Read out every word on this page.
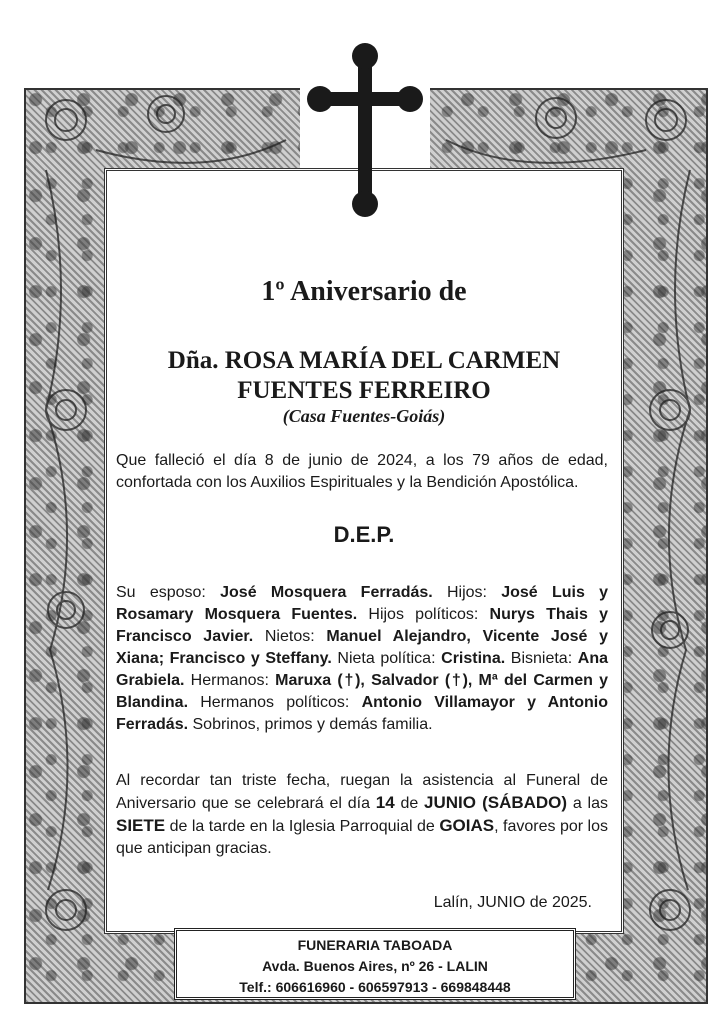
1º Aniversario de
Dña. ROSA MARÍA DEL CARMEN
FUENTES FERREIRO
(Casa Fuentes-Goiás)
Que falleció el día 8 de junio de 2024, a los 79 años de edad, confortada con los Auxilios Espirituales y la Bendición Apostólica.
D.E.P.
Su esposo: José Mosquera Ferradás. Hijos: José Luis y Rosamary Mosquera Fuentes. Hijos políticos: Nurys Thais y Francisco Javier. Nietos: Manuel Alejandro, Vicente José y Xiana; Francisco y Steffany. Nieta política: Cristina. Bisnieta: Ana Grabiela. Hermanos: Maruxa (†), Salvador (†), Mª del Carmen y Blandina. Hermanos políticos: Antonio Villamayor y Antonio Ferradás. Sobrinos, primos y demás familia.
Al recordar tan triste fecha, ruegan la asistencia al Funeral de Aniversario que se celebrará el día 14 de JUNIO (SÁBADO) a las SIETE de la tarde en la Iglesia Parroquial de GOIAS, favores por los que anticipan gracias.
Lalín, JUNIO de 2025.
FUNERARIA TABOADA
Avda. Buenos Aires, nº 26 - LALIN
Telf.: 606616960 - 606597913 - 669848448
